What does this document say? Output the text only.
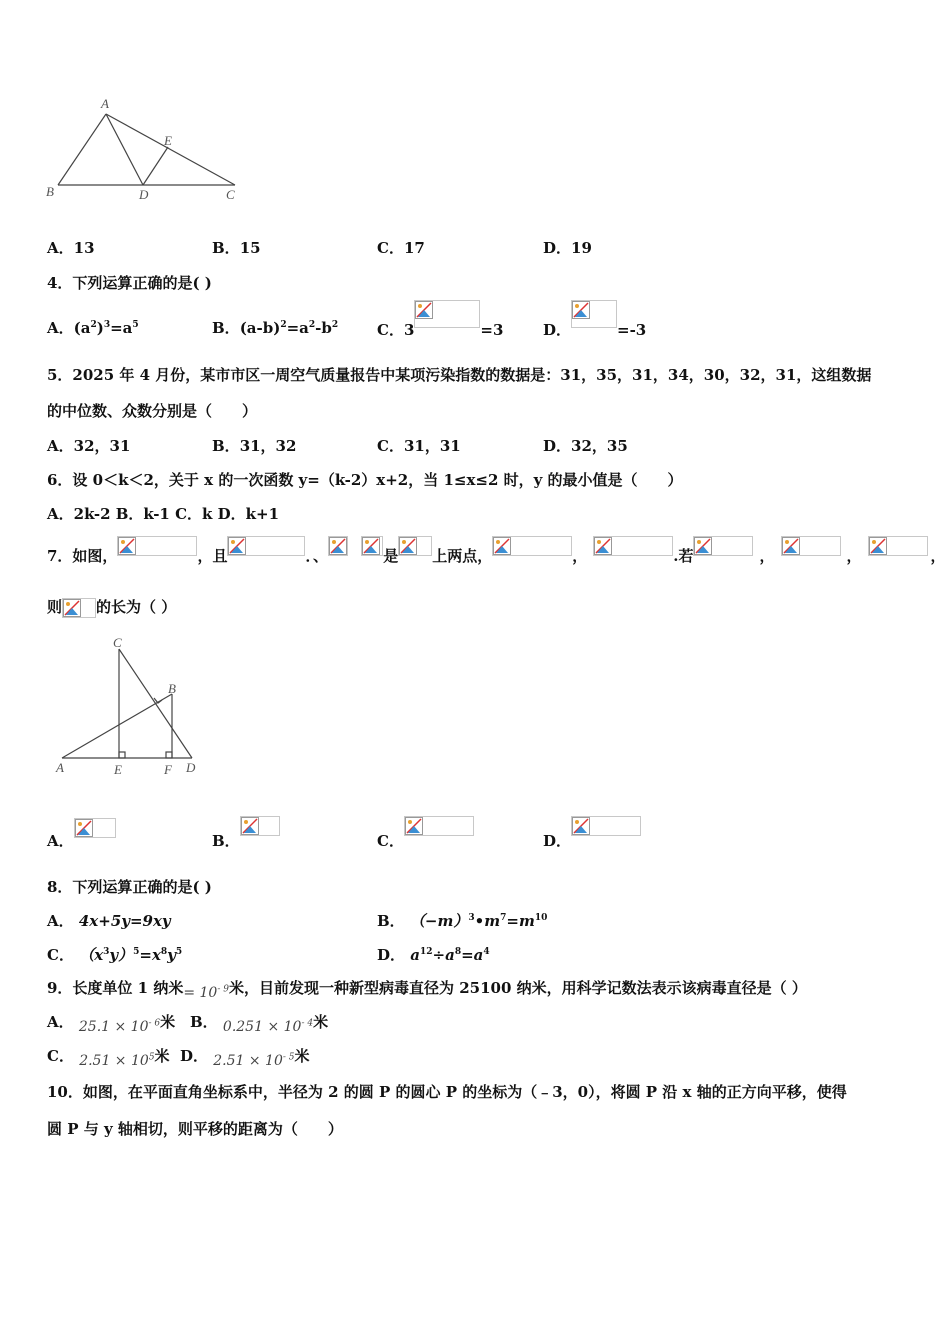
A
B	D	C
E
A．13	B．15	C．17	D．19
4．下列运算正确的是( )
A．$(a^2)^3=a^5$	B．$(a-b)^2=a^2-b^2$	C．3	=3	D．	=-3
5．2025 年 4 月份，某市市区一周空气质量报告中某项污染指数的数据是：31，35，31，34，30，32，31，这组数据
的中位数、众数分别是（　　）
A．32，31	B．31，32	C．31，31	D．32，35
6．设 0＜k＜2，关于 x 的一次函数 y=（k-2）x+2，当 1≤x≤2 时，y 的最小值是（　　）
A．2k-2 B．k-1 C．k D．k+1
7．如图，	，且	．、
	是 上两点，	，	.若	，	，	，
则 的长为（ ）
C
B
A	E	F D
A．	B．	C．	D．
8．下列运算正确的是( )
A． 4x+5y=9xy	B． $(-m)^3•m^7=m^{10}$
C． $(x^3y)^5=x^8y^5$	D． $a^{12}\div a^8=a^4$
9．长度单位 1 纳米= $10^{- 9}$米，目前发现一种新型病毒直径为 25100 纳米，用科学记数法表示该病毒直径是（ ）
A． $25.1 \times 10^{- 6}$米 B． $0.251 \times 10^{- 4}$米
C． $2.51 \times 10^5$米 D． $2.51 \times 10^{- 5}$米
10．如图，在平面直角坐标系中，半径为 2 的圆 P 的圆心 P 的坐标为（﹣3，0），将圆 P 沿 x 轴的正方向平移，使得
圆 P 与 y 轴相切，则平移的距离为（　　）
